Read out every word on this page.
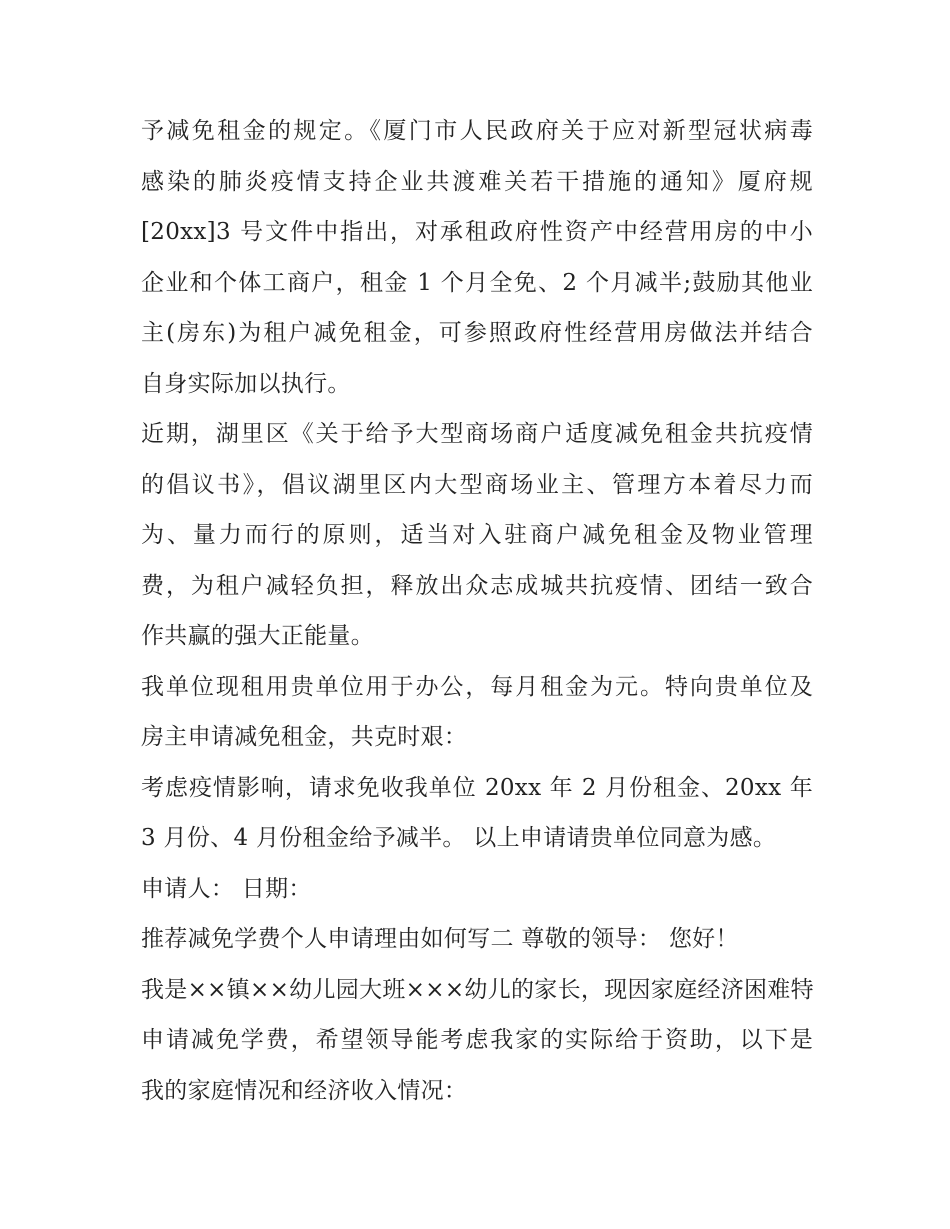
予减免租金的规定。《厦门市人民政府关于应对新型冠状病毒
感染的肺炎疫情支持企业共渡难关若干措施的通知》厦府规
[20xx]3 号文件中指出，对承租政府性资产中经营用房的中小
企业和个体工商户，租金 1 个月全免、2 个月减半;鼓励其他业
主(房东)为租户减免租金，可参照政府性经营用房做法并结合
自身实际加以执行。
近期，湖里区《关于给予大型商场商户适度减免租金共抗疫情
的倡议书》，倡议湖里区内大型商场业主、管理方本着尽力而
为、量力而行的原则，适当对入驻商户减免租金及物业管理
费，为租户减轻负担，释放出众志成城共抗疫情、团结一致合
作共赢的强大正能量。
我单位现租用贵单位用于办公，每月租金为元。特向贵单位及
房主申请减免租金，共克时艰：
考虑疫情影响，请求免收我单位 20xx 年 2 月份租金、20xx 年
3 月份、4 月份租金给予减半。 以上申请请贵单位同意为感。
申请人： 日期：
推荐减免学费个人申请理由如何写二 尊敬的领导： 您好！
我是××镇××幼儿园大班×××幼儿的家长，现因家庭经济困难特
申请减免学费，希望领导能考虑我家的实际给于资助，以下是
我的家庭情况和经济收入情况：
